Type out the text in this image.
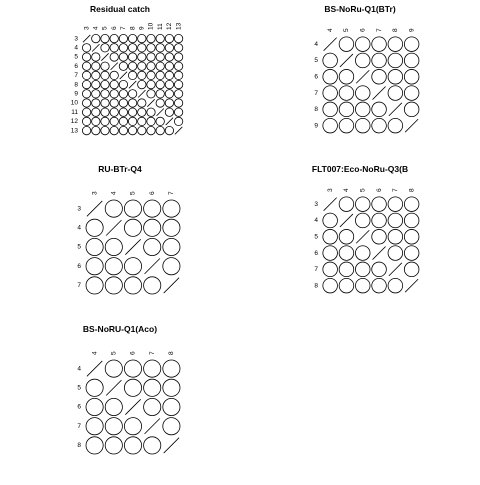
Residual catch
3
3
4
4
5
5
6
6
7
7
8
8
9
9
10
10
11
11
12
12
13
13
BS-NoRu-Q1(BTr)
4
4
5
5
6
6
7
7
8
8
9
9
RU-BTr-Q4
3
3
4
4
5
5
6
6
7
7
FLT007:Eco-NoRu-Q3(B
3
3
4
4
5
5
6
6
7
7
8
8
BS-NoRU-Q1(Aco)
4
4
5
5
6
6
7
7
8
8
